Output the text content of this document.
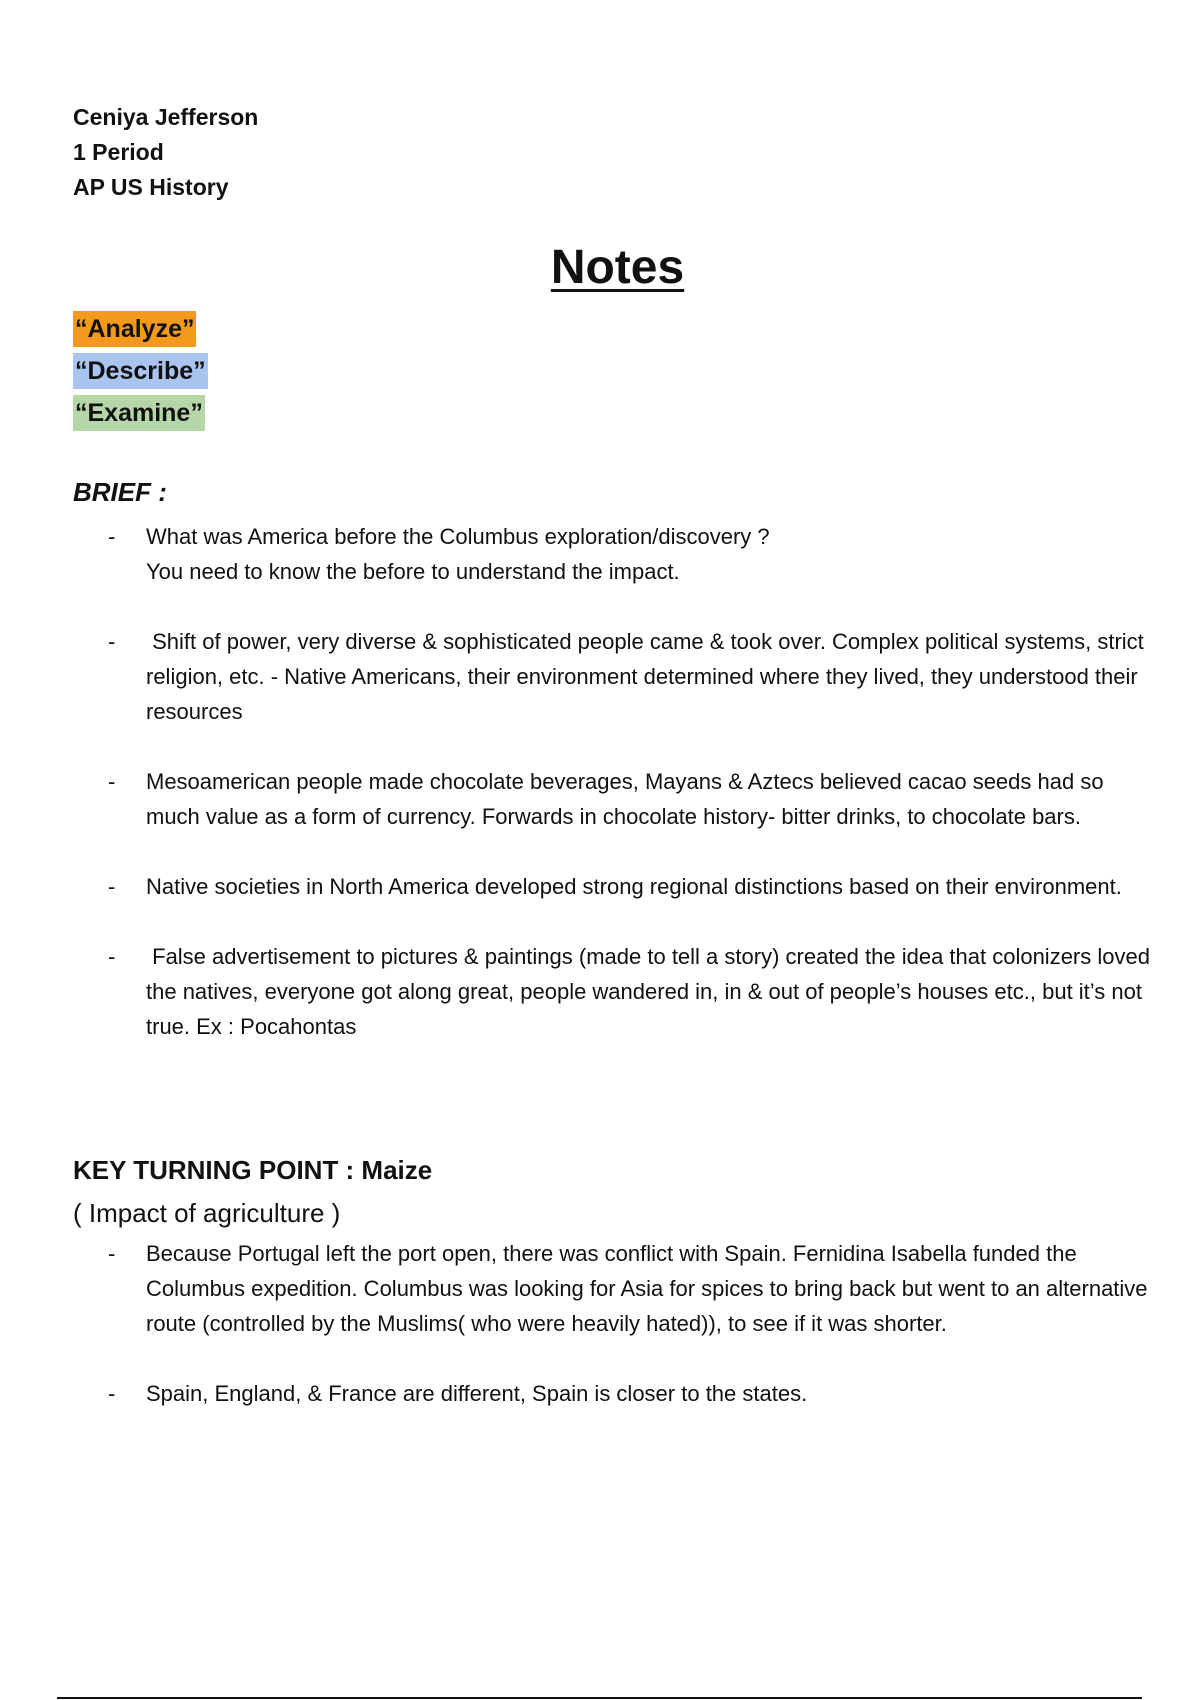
Ceniya Jefferson
1 Period
AP US History
Notes
“Analyze”
“Describe”
“Examine”
BRIEF :
- What was America before the Columbus exploration/discovery ?
You need to know the before to understand the impact.
- Shift of power, very diverse & sophisticated people came & took over. Complex political systems, strict religion, etc. - Native Americans, their environment determined where they lived, they understood their resources
- Mesoamerican people made chocolate beverages, Mayans & Aztecs believed cacao seeds had so much value as a form of currency. Forwards in chocolate history- bitter drinks, to chocolate bars.
- Native societies in North America developed strong regional distinctions based on their environment.
- False advertisement to pictures & paintings (made to tell a story) created the idea that colonizers loved the natives, everyone got along great, people wandered in, in & out of people’s houses etc., but it’s not true. Ex : Pocahontas
KEY TURNING POINT : Maize
( Impact of agriculture )
- Because Portugal left the port open, there was conflict with Spain. Fernidina Isabella funded the Columbus expedition. Columbus was looking for Asia for spices to bring back but went to an alternative route (controlled by the Muslims( who were heavily hated)), to see if it was shorter.
- Spain, England, & France are different, Spain is closer to the states.
